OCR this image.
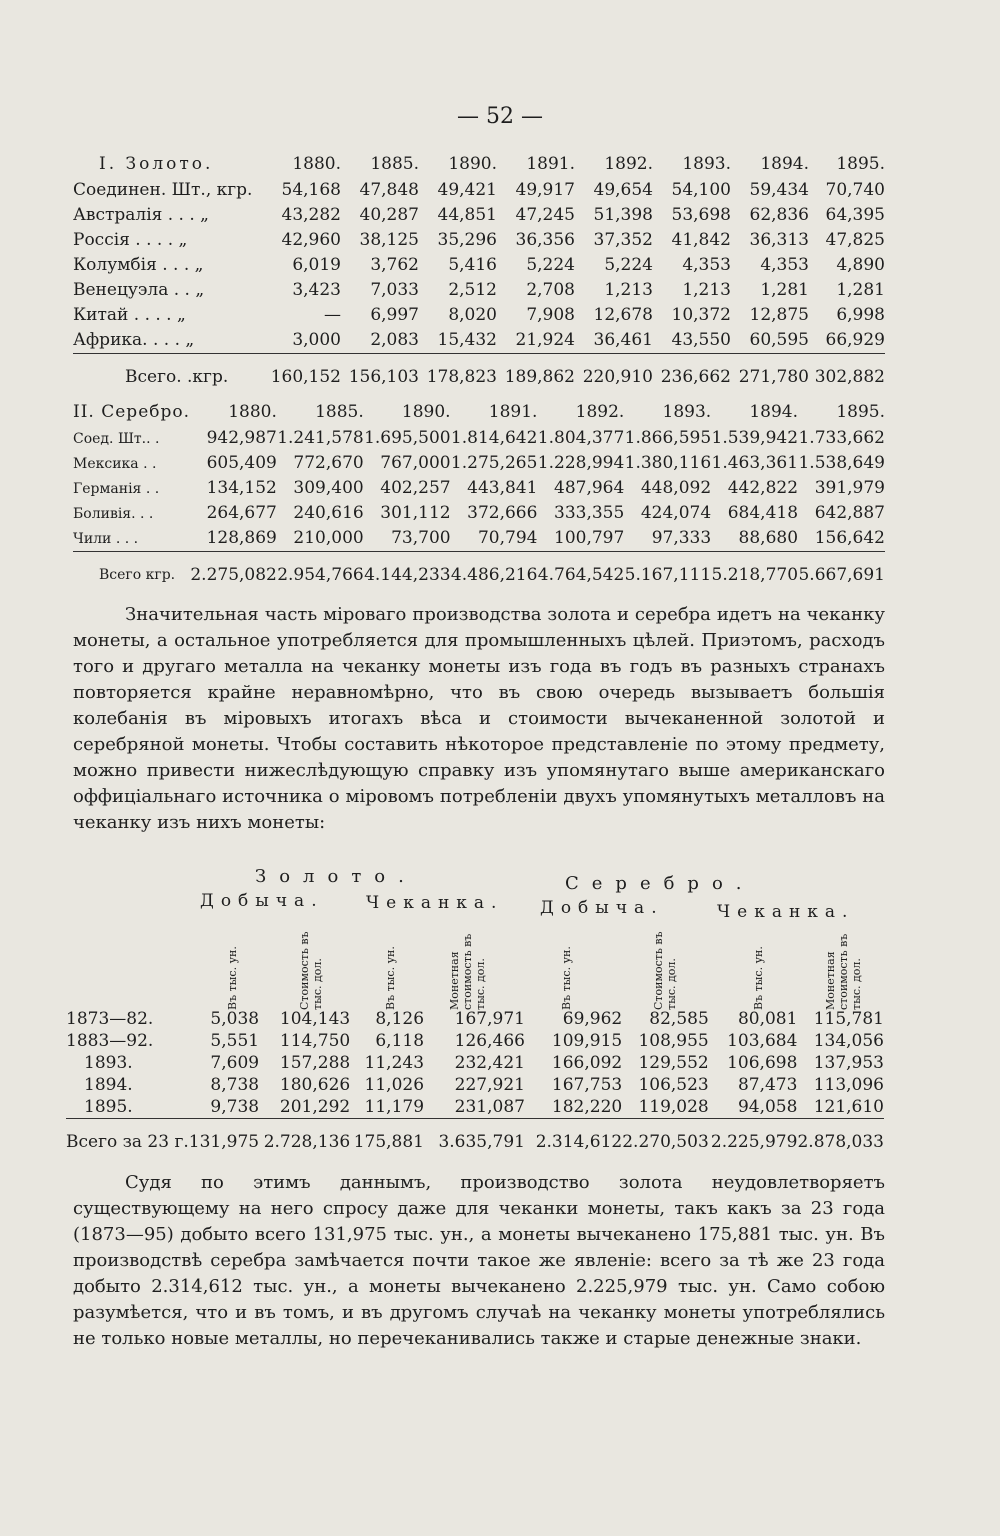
— 52 —
I. Золото.	1880.	1885.	1890.	1891.	1892.	1893.	1894.	1895.
Соединен. Шт., кгр.	54,168	47,848	49,421	49,917	49,654	54,100	59,434	70,740
Австралія . . . „	43,282	40,287	44,851	47,245	51,398	53,698	62,836	64,395
Россія . . . . „	42,960	38,125	35,296	36,356	37,352	41,842	36,313	47,825
Колумбія . . . „	6,019	3,762	5,416	5,224	5,224	4,353	4,353	4,890
Венецуэла . . „	3,423	7,033	2,512	2,708	1,213	1,213	1,281	1,281
Китай . . . . „	—	6,997	8,020	7,908	12,678	10,372	12,875	6,998
Африка. . . . „	3,000	2,083	15,432	21,924	36,461	43,550	60,595	66,929
Всего. .кгр.	160,152	156,103	178,823	189,862	220,910	236,662	271,780	302,882
II. Серебро.	1880.	1885.	1890.	1891.	1892.	1893.	1894.	1895.
Соед. Шт.. .	942,987	1.241,578	1.695,500	1.814,642	1.804,377	1.866,595	1.539,942	1.733,662
Мексика . .	605,409	772,670	767,000	1.275,265	1.228,994	1.380,116	1.463,361	1.538,649
Германія . .	134,152	309,400	402,257	443,841	487,964	448,092	442,822	391,979
Боливія. . .	264,677	240,616	301,112	372,666	333,355	424,074	684,418	642,887
Чили . . .	128,869	210,000	73,700	70,794	100,797	97,333	88,680	156,642
Всего кгр.	2.275,082	2.954,766	4.144,233	4.486,216	4.764,542	5.167,111	5.218,770	5.667,691

Значительная часть міроваго производства золота и серебра идетъ на чеканку монеты, а остальное употребляется для промышленныхъ цѣлей. Приэтомъ, расходъ того и другаго металла на чеканку монеты изъ года въ годъ въ разныхъ странахъ повторяется крайне неравномѣрно, что въ свою очередь вызываетъ большія колебанія въ міровыхъ итогахъ вѣса и стоимости вычеканенной золотой и серебряной монеты. Чтобы составить нѣкоторое представленіе по этому предмету, можно привести нижеслѣдующую справку изъ упомянутаго выше американскаго оффиціальнаго источника о міровомъ потребленіи двухъ упомянутыхъ металловъ на чеканку изъ нихъ монеты:

Золото.	Серебро.
Добыча. Чеканка. Добыча.	Чеканка.
Въ тыс. ун.	Стоимость въ тыс. дол.	Въ тыс. ун.	Монетная стоимость въ тыс. дол.	Въ тыс. ун.	Стоимость въ тыс. дол.	Въ тыс. ун.	Монетная стоимость въ тыс. дол.
1873—82.	5,038	104,143	8,126	167,971	69,962	82,585	80,081	115,781
1883—92.	5,551	114,750	6,118	126,466	109,915	108,955	103,684	134,056
1893.	7,609	157,288	11,243	232,421	166,092	129,552	106,698	137,953
1894.	8,738	180,626	11,026	227,921	167,753	106,523	87,473	113,096
1895.	9,738	201,292	11,179	231,087	182,220	119,028	94,058	121,610
Всего за 23 г.	131,975	2.728,136	175,881	3.635,791	2.314,612	2.270,503	2.225,979	2.878,033

Судя по этимъ даннымъ, производство золота неудовлетворяетъ существующему на него спросу даже для чеканки монеты, такъ какъ за 23 года (1873—95) добыто всего 131,975 тыс. ун., а монеты вычеканено 175,881 тыс. ун. Въ производствѣ серебра замѣчается почти такое же явленіе: всего за тѣ же 23 года добыто 2.314,612 тыс. ун., а монеты вычеканено 2.225,979 тыс. ун. Само собою разумѣется, что и въ томъ, и въ другомъ случаѣ на чеканку монеты употреблялись не только новые металлы, но перечеканивались также и старые денежные знаки.
